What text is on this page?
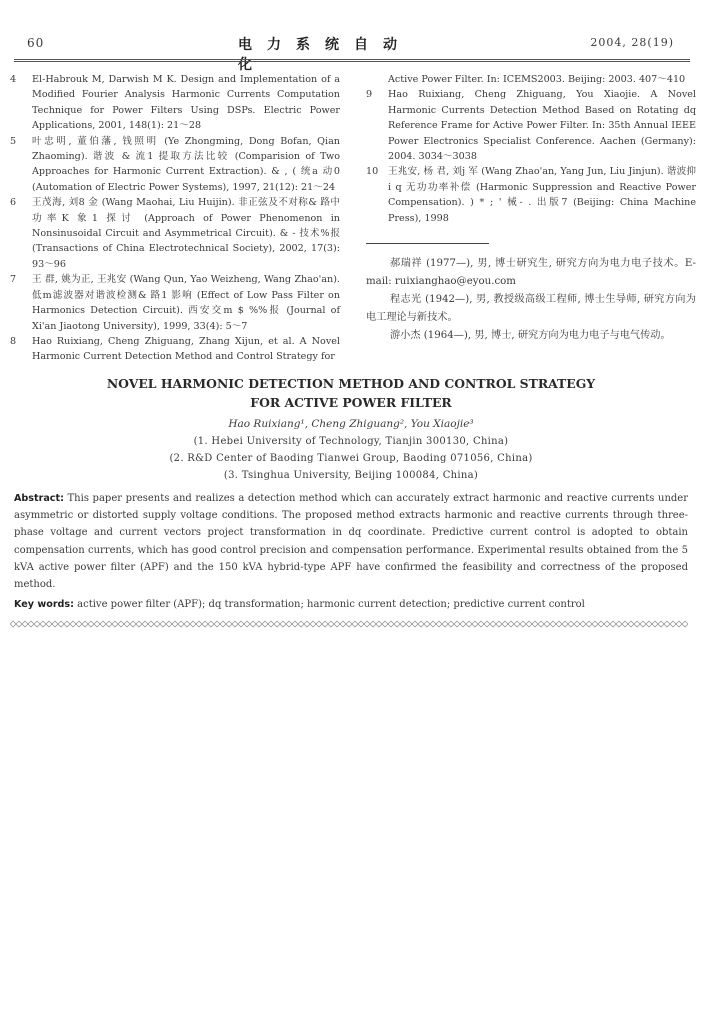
60	电力系统自动化
2004, 28(19)

4 El-Habrouk M, Darwish M K. Design and Implementation of a Modified Fourier Analysis Harmonic Currents Computation Technique for Power Filters Using DSPs. Electric Power Applications, 2001, 148(1): 21～28

5 叶忠明, 董伯藩, 钱照明 (Ye Zhongming, Dong Bofan, Qian Zhaoming). 谐波 & 流1 提取方法比较 (Comparision of Two Approaches for Harmonic Current Extraction). & , ( 统a 动0 (Automation of Electric Power Systems), 1997, 21(12): 21～24

6 王茂海, 刘8 金 (Wang Maohai, Liu Huijin). 非正弦及不对称& 路中功率K 象1 探讨 (Approach of Power Phenomenon in Nonsinusoidal Circuit and Asymmetrical Circuit). & - 技术%报 (Transactions of China Electrotechnical Society), 2002, 17(3): 93～96

7 王 群, 姚为正, 王兆安 (Wang Qun, Yao Weizheng, Wang Zhao'an). 低m滤波器对谐波检测& 路1 影响 (Effect of Low Pass Filter on Harmonics Detection Circuit). 西安交m $ %%报 (Journal of Xi'an Jiaotong University), 1999, 33(4): 5～7

8 Hao Ruixiang, Cheng Zhiguang, Zhang Xijun, et al. A Novel Harmonic Current Detection Method and Control Strategy for

Active Power Filter. In: ICEMS2003. Beijing: 2003. 407～410

9 Hao Ruixiang, Cheng Zhiguang, You Xiaojie. A Novel Harmonic Currents Detection Method Based on Rotating dq Reference Frame for Active Power Filter. In: 35th Annual IEEE Power Electronics Specialist Conference. Aachen (Germany): 2004. 3034～3038

10 王兆安, 杨 君, 刘j 军 (Wang Zhao'an, Yang Jun, Liu Jinjun). 谐波抑i q 无功功率补偿 (Harmonic Suppression and Reactive Power Compensation). ) * ; ' 械- . 出版7 (Beijing: China Machine Press), 1998

郝瑞祥 (1977—), 男, 博士研究生, 研究方向为电力电子技术。E-mail: ruixianghao@eyou.com

程志光 (1942—), 男, 教授级高级工程师, 博士生导师, 研究方向为电工理论与新技术。

游小杰 (1964—), 男, 博士, 研究方向为电力电子与电气传动。

NOVEL HARMONIC DETECTION METHOD AND CONTROL STRATEGY
FOR ACTIVE POWER FILTER
Hao Ruixiang¹, Cheng Zhiguang², You Xiaojie³
(1. Hebei University of Technology, Tianjin 300130, China)
(2. R&D Center of Baoding Tianwei Group, Baoding 071056, China)
(3. Tsinghua University, Beijing 100084, China)

Abstract: This paper presents and realizes a detection method which can accurately extract harmonic and reactive currents under asymmetric or distorted supply voltage conditions. The proposed method extracts harmonic and reactive currents through three-phase voltage and current vectors project transformation in dq coordinate. Predictive current control is adopted to obtain compensation currents, which has good control precision and compensation performance. Experimental results obtained from the 5 kVA active power filter (APF) and the 150 kVA hybrid-type APF have confirmed the feasibility and correctness of the proposed method.

Key words: active power filter (APF); dq transformation; harmonic current detection; predictive current control
